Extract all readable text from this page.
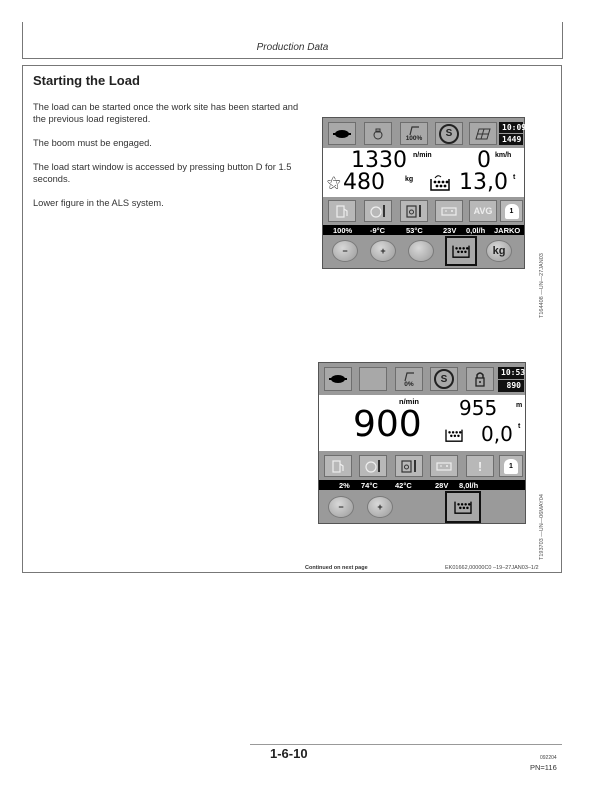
Production Data
Starting the Load
The load can be started once the work site has been started and the previous load registered.
The boom must be engaged.
The load start window is accessed by pressing button D for 1.5 seconds.
Lower figure in the ALS system.
100%	S
10:09
1449
1330 n/min 0 km/h
⚝ 480	kg 13,0 t
AVG	1
100% -9°C	53°C	23V 0,0l/h JARKO
−	+	kg
T164408 —UN—27JAN03
0%	S
10:53
890
n/min
900 955	m
0,0 t
!	1
2% 74°C 42°C	28V 8,0l/h
−	+	T193703 —UN—06MAY04
Continued on next page	EK01662,00000C0 –19–27JAN03–1/2
1-6-10	092204
PN=116
